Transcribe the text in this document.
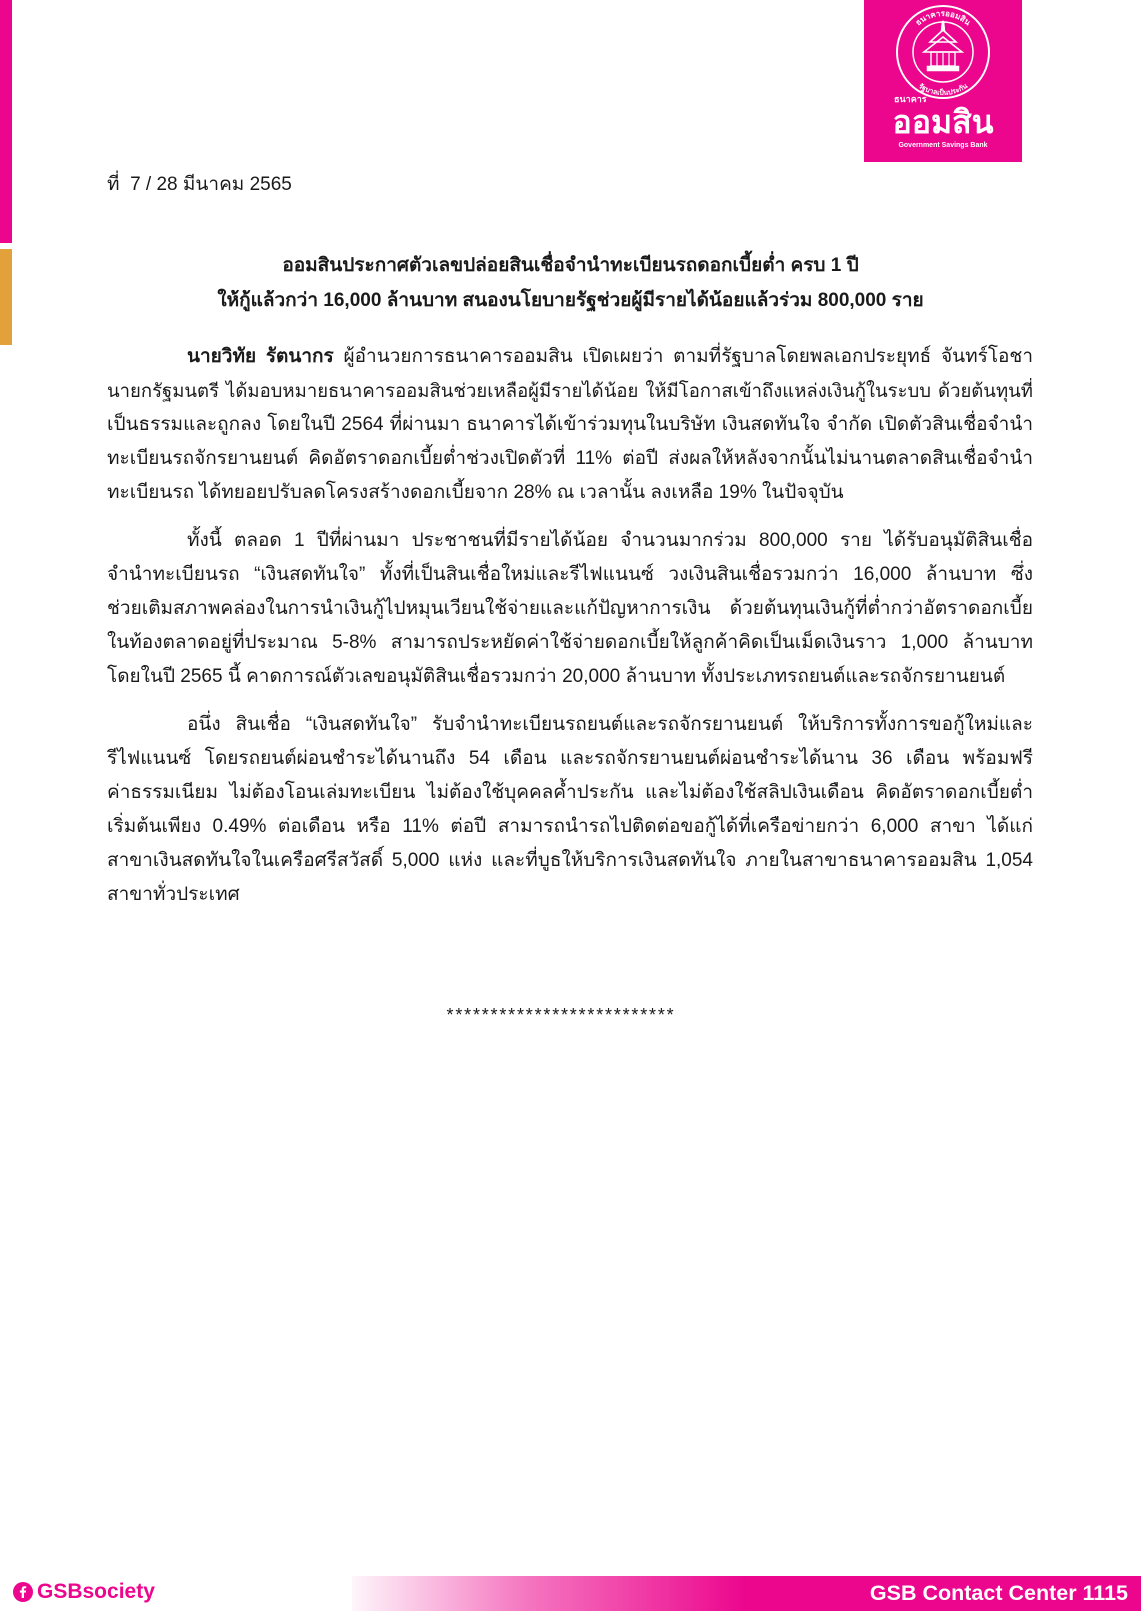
ธนาคารออมสิน
รัฐบาลเป็นประกัน
ธนาคาร
ออมสิน
Government Savings Bank
ที่  7 / 28 มีนาคม 2565
ออมสินประกาศตัวเลขปล่อยสินเชื่อจำนำทะเบียนรถดอกเบี้ยต่ำ ครบ 1 ปี
ให้กู้แล้วกว่า 16,000 ล้านบาท สนองนโยบายรัฐช่วยผู้มีรายได้น้อยแล้วร่วม 800,000 ราย
นายวิทัย รัตนากร ผู้อำนวยการธนาคารออมสิน เปิดเผยว่า ตามที่รัฐบาลโดยพลเอกประยุทธ์ จันทร์โอชา
นายกรัฐมนตรี ได้มอบหมายธนาคารออมสินช่วยเหลือผู้มีรายได้น้อย ให้มีโอกาสเข้าถึงแหล่งเงินกู้ในระบบ ด้วยต้นทุนที่
เป็นธรรมและถูกลง โดยในปี 2564 ที่ผ่านมา ธนาคารได้เข้าร่วมทุนในบริษัท เงินสดทันใจ จำกัด เปิดตัวสินเชื่อจำนำ
ทะเบียนรถจักรยานยนต์ คิดอัตราดอกเบี้ยต่ำช่วงเปิดตัวที่ 11% ต่อปี ส่งผลให้หลังจากนั้นไม่นานตลาดสินเชื่อจำนำ
ทะเบียนรถ ได้ทยอยปรับลดโครงสร้างดอกเบี้ยจาก 28% ณ เวลานั้น ลงเหลือ 19% ในปัจจุบัน
ทั้งนี้ ตลอด 1 ปีที่ผ่านมา ประชาชนที่มีรายได้น้อย จำนวนมากร่วม 800,000 ราย ได้รับอนุมัติสินเชื่อ
จำนำทะเบียนรถ “เงินสดทันใจ” ทั้งที่เป็นสินเชื่อใหม่และรีไฟแนนซ์ วงเงินสินเชื่อรวมกว่า 16,000 ล้านบาท ซึ่ง
ช่วยเติมสภาพคล่องในการนำเงินกู้ไปหมุนเวียนใช้จ่ายและแก้ปัญหาการเงิน ด้วยต้นทุนเงินกู้ที่ต่ำกว่าอัตราดอกเบี้ย
ในท้องตลาดอยู่ที่ประมาณ 5-8% สามารถประหยัดค่าใช้จ่ายดอกเบี้ยให้ลูกค้าคิดเป็นเม็ดเงินราว 1,000 ล้านบาท
โดยในปี 2565 นี้ คาดการณ์ตัวเลขอนุมัติสินเชื่อรวมกว่า 20,000 ล้านบาท ทั้งประเภทรถยนต์และรถจักรยานยนต์
อนึ่ง สินเชื่อ “เงินสดทันใจ” รับจำนำทะเบียนรถยนต์และรถจักรยานยนต์ ให้บริการทั้งการขอกู้ใหม่และ
รีไฟแนนซ์ โดยรถยนต์ผ่อนชำระได้นานถึง 54 เดือน และรถจักรยานยนต์ผ่อนชำระได้นาน 36 เดือน พร้อมฟรี
ค่าธรรมเนียม ไม่ต้องโอนเล่มทะเบียน ไม่ต้องใช้บุคคลค้ำประกัน และไม่ต้องใช้สลิปเงินเดือน คิดอัตราดอกเบี้ยต่ำ
เริ่มต้นเพียง 0.49% ต่อเดือน หรือ 11% ต่อปี สามารถนำรถไปติดต่อขอกู้ได้ที่เครือข่ายกว่า 6,000 สาขา ได้แก่
สาขาเงินสดทันใจในเครือศรีสวัสดิ์ 5,000 แห่ง และที่บูธให้บริการเงินสดทันใจ ภายในสาขาธนาคารออมสิน 1,054
สาขาทั่วประเทศ
**************************
GSBsociety	GSB Contact Center 1115
